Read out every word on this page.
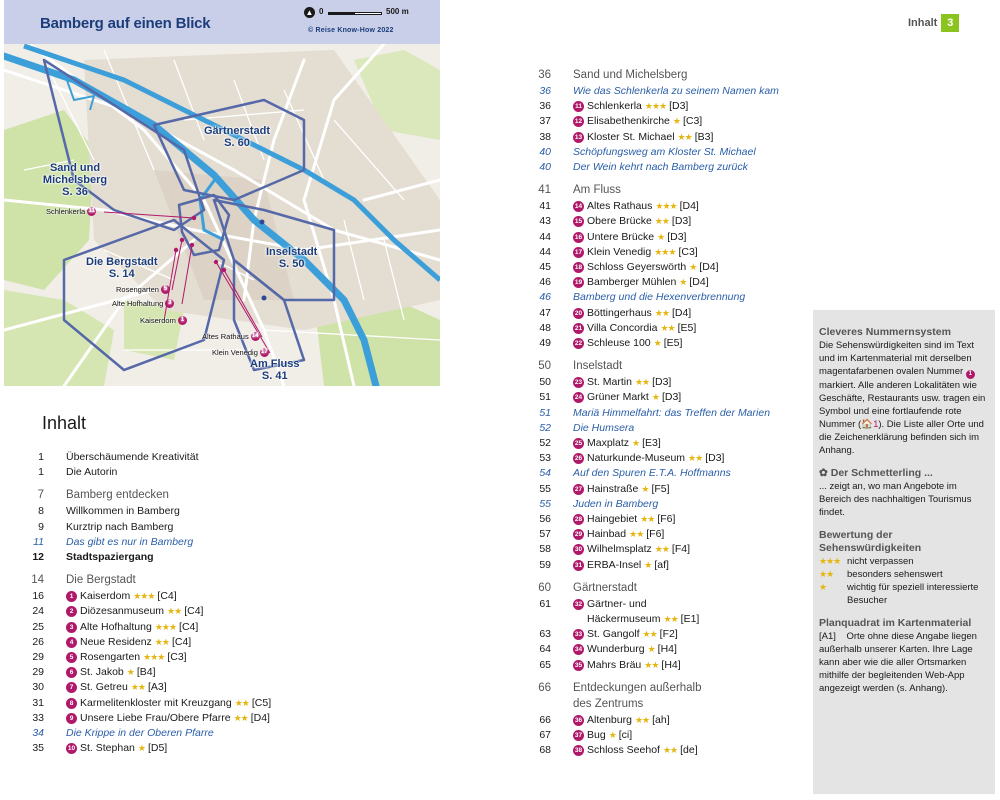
Inhalt 3
Bamberg auf einen Blick
▲ 0	500 m
© Reise Know-How 2022
Gärtnerstadt
S. 60
Sand und Michelsberg
S. 36
Die Bergstadt
S. 14
Inselstadt
S. 50
Am Fluss
S. 41
Schlenkerla 11
Rosengarten 5
Alte Hofhaltung 3
Kaiserdom 1
Altes Rathaus 14
Klein Venedig 17
Inhalt
1	Überschäumende Kreativität
1	Die Autorin
7	Bamberg entdecken
8	Willkommen in Bamberg
9	Kurztrip nach Bamberg
11	Das gibt es nur in Bamberg
12	Stadtspaziergang
14	Die Bergstadt
16	1 Kaiserdom ★★★ [C4]
24	2 Diözesanmuseum ★★ [C4]
25	3 Alte Hofhaltung ★★★ [C4]
26	4 Neue Residenz ★★ [C4]
29	5 Rosengarten ★★★ [C3]
29	6 St. Jakob ★ [B4]
30	7 St. Getreu ★★ [A3]
31	8 Karmelitenkloster mit Kreuzgang ★★ [C5]
33	9 Unsere Liebe Frau/Obere Pfarre ★★ [D4]
34	Die Krippe in der Oberen Pfarre
35	10 St. Stephan ★ [D5]
36	Sand und Michelsberg
36	Wie das Schlenkerla zu seinem Namen kam
36	11 Schlenkerla ★★★ [D3]
37	12 Elisabethenkirche ★ [C3]
38	13 Kloster St. Michael ★★ [B3]
40	Schöpfungsweg am Kloster St. Michael
40	Der Wein kehrt nach Bamberg zurück
41	Am Fluss
41	14 Altes Rathaus ★★★ [D4]
43	15 Obere Brücke ★★ [D3]
44	16 Untere Brücke ★ [D3]
44	17 Klein Venedig ★★★ [C3]
45	18 Schloss Geyerswörth ★ [D4]
46	19 Bamberger Mühlen ★ [D4]
46	Bamberg und die Hexenverbrennung
47	20 Böttingerhaus ★★ [D4]
48	21 Villa Concordia ★★ [E5]
49	22 Schleuse 100 ★ [E5]
50	Inselstadt
50	23 St. Martin ★★ [D3]
51	24 Grüner Markt ★ [D3]
51	Mariä Himmelfahrt: das Treffen der Marien
52	Die Humsera
52	25 Maxplatz ★ [E3]
53	26 Naturkunde-Museum ★★ [D3]
54	Auf den Spuren E.T.A. Hoffmanns
55	27 Hainstraße ★ [F5]
55	Juden in Bamberg
56	28 Haingebiet ★★ [F6]
57	29 Hainbad ★★ [F6]
58	30 Wilhelmsplatz ★★ [F4]
59	31 ERBA-Insel ★ [af]
60	Gärtnerstadt
61	32 Gärtner- und
Häckermuseum ★★ [E1]
63	33 St. Gangolf ★★ [F2]
64	34 Wunderburg ★ [H4]
65	35 Mahrs Bräu ★★ [H4]
66	Entdeckungen außerhalb
des Zentrums
66	36 Altenburg ★★ [ah]
67	37 Bug ★ [ci]
68	38 Schloss Seehof ★★ [de]
Cleveres Nummernsystem

Die Sehenswürdigkeiten sind im Text und im Kartenmaterial mit derselben magentafarbenen ovalen Nummer 1 markiert. Alle anderen Lokalitäten wie Geschäfte, Restaurants usw. tragen ein Symbol und eine fortlaufende rote Nummer (🏠1). Die Liste aller Orte und die Zeichenerklärung befinden sich im Anhang.

✿ Der Schmetterling ...

... zeigt an, wo man Angebote im Bereich des nachhaltigen Tourismus findet.

Bewertung der Sehenswürdigkeiten
★★★ nicht verpassen
★★	besonders sehenswert
★	wichtig für speziell interessierte Besucher
Planquadrat im Kartenmaterial

[A1] Orte ohne diese Angabe liegen außerhalb unserer Karten. Ihre Lage kann aber wie die aller Ortsmarken mithilfe der begleitenden Web-App angezeigt werden (s. Anhang).
